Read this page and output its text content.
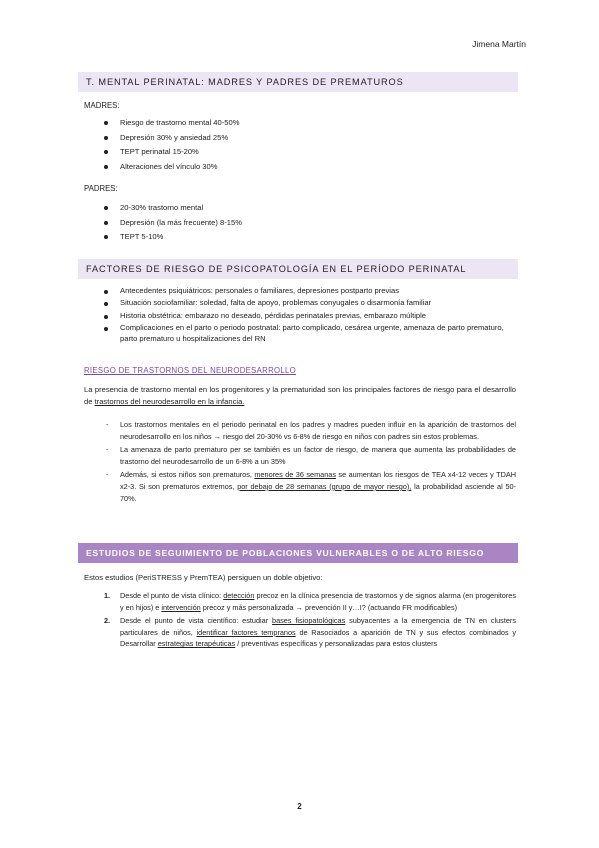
Jimena Martín
T. MENTAL PERINATAL: MADRES Y PADRES DE PREMATUROS
MADRES:
Riesgo de trastorno mental 40-50%
Depresión 30% y ansiedad 25%
TEPT perinatal 15-20%
Alteraciones del vínculo 30%
PADRES:
20-30% trastorno mental
Depresión (la más frecuente) 8-15%
TEPT 5-10%
FACTORES DE RIESGO DE PSICOPATOLOGÍA EN EL PERÍODO PERINATAL
Antecedentes psiquiátricos: personales o familiares, depresiones postparto previas
Situación sociofamiliar: soledad, falta de apoyo, problemas conyugales o disarmonía familiar
Historia obstétrica: embarazo no deseado, pérdidas perinatales previas, embarazo múltiple
Complicaciones en el parto o periodo postnatal: parto complicado, cesárea urgente, amenaza de parto prematuro, parto prematuro u hospitalizaciones del RN
RIESGO DE TRASTORNOS DEL NEURODESARROLLO
La presencia de trastorno mental en los progenitores y la prematuridad son los principales factores de riesgo para el desarrollo de trastornos del neurodesarrollo en la infancia.
- Los trastornos mentales en el periodo perinatal en los padres y madres pueden influir en la aparición de trastornos del neurodesarrollo en los niños → riesgo del 20-30% vs 6-8% de riesgo en niños con padres sin estos problemas.
- La amenaza de parto prematuro per se también es un factor de riesgo, de manera que aumenta las probabilidades de trastorno del neurodesarrollo de un 6-8% a un 35%
- Además, si estos niños son prematuros, menores de 36 semanas se aumentan los riesgos de TEA x4-12 veces y TDAH x2-3. Si son prematuros extremos, por debajo de 28 semanas (grupo de mayor riesgo), la probabilidad asciende al 50-70%.
ESTUDIOS DE SEGUIMIENTO DE POBLACIONES VULNERABLES O DE ALTO RIESGO
Estos estudios (PeriSTRESS y PremTEA) persiguen un doble objetivo:
1. Desde el punto de vista clínico: detección precoz en la clínica presencia de trastornos y de signos alarma (en progenitores y en hijos) e intervención precoz y más personalizada → prevención II y…I? (actuando FR modificables)
2. Desde el punto de vista científico: estudiar bases fisiopatológicas subyacentes a la emergencia de TN en clusters particulares de niños, identificar factores tempranos de Rasociados a aparición de TN y sus efectos combinados y Desarrollar estrategias terapéuticas / preventivas específicas y personalizadas para estos clusters
2
